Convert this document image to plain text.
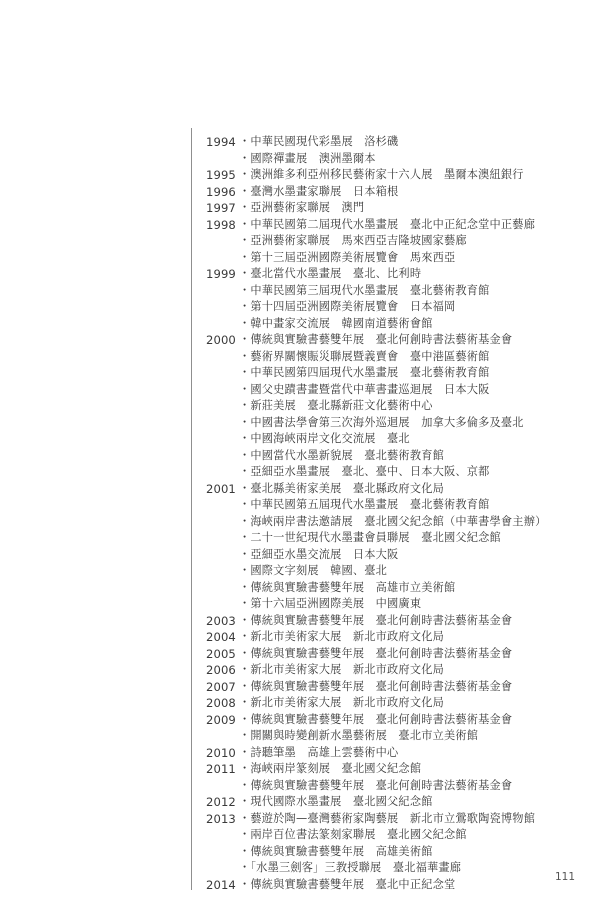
1994 ・中華民國現代彩墨展　洛杉磯
・國際禪畫展　澳洲墨爾本
1995 ・澳洲維多利亞州移民藝術家十六人展　墨爾本澳紐銀行
1996 ・臺灣水墨畫家聯展　日本箱根
1997 ・亞洲藝術家聯展　澳門
1998 ・中華民國第二屆現代水墨畫展　臺北中正紀念堂中正藝廊
・亞洲藝術家聯展　馬來西亞吉隆坡國家藝廊
・第十三屆亞洲國際美術展覽會　馬來西亞
1999 ・臺北當代水墨畫展　臺北、比利時
・中華民國第三屆現代水墨畫展　臺北藝術教育館
・第十四屆亞洲國際美術展覽會　日本福岡
・韓中畫家交流展　韓國南道藝術會館
2000 ・傳統與實驗書藝雙年展　臺北何創時書法藝術基金會
・藝術界關懷賑災聯展暨義賣會　臺中港區藝術館
・中華民國第四屆現代水墨畫展　臺北藝術教育館
・國父史蹟書畫暨當代中華書畫巡迴展　日本大阪
・新莊美展　臺北縣新莊文化藝術中心
・中國書法學會第三次海外巡迴展　加拿大多倫多及臺北
・中國海峽兩岸文化交流展　臺北
・中國當代水墨新貌展　臺北藝術教育館
・亞細亞水墨畫展　臺北、臺中、日本大阪、京都
2001 ・臺北縣美術家美展　臺北縣政府文化局
・中華民國第五屆現代水墨畫展　臺北藝術教育館
・海峽兩岸書法邀請展　臺北國父紀念館（中華書學會主辦）
・二十一世紀現代水墨畫會員聯展　臺北國父紀念館
・亞細亞水墨交流展　日本大阪
・國際文字刻展　韓國、臺北
・傳統與實驗書藝雙年展　高雄市立美術館
・第十六屆亞洲國際美展　中國廣東
2003 ・傳統與實驗書藝雙年展　臺北何創時書法藝術基金會
2004 ・新北市美術家大展　新北市政府文化局
2005 ・傳統與實驗書藝雙年展　臺北何創時書法藝術基金會
2006 ・新北市美術家大展　新北市政府文化局
2007 ・傳統與實驗書藝雙年展　臺北何創時書法藝術基金會
2008 ・新北市美術家大展　新北市政府文化局
2009 ・傳統與實驗書藝雙年展　臺北何創時書法藝術基金會
・開關與時變創新水墨藝術展　臺北市立美術館
2010 ・詩聽筆墨　高雄上雲藝術中心
2011 ・海峽兩岸篆刻展　臺北國父紀念館
・傳統與實驗書藝雙年展　臺北何創時書法藝術基金會
2012 ・現代國際水墨畫展　臺北國父紀念館
2013 ・藝遊於陶—臺灣藝術家陶藝展　新北市立鶯歌陶瓷博物館
・兩岸百位書法篆刻家聯展　臺北國父紀念館
・傳統與實驗書藝雙年展　高雄美術館
・「水墨三劍客」三教授聯展　臺北福華畫廊
2014 ・傳統與實驗書藝雙年展　臺北中正紀念堂
111
